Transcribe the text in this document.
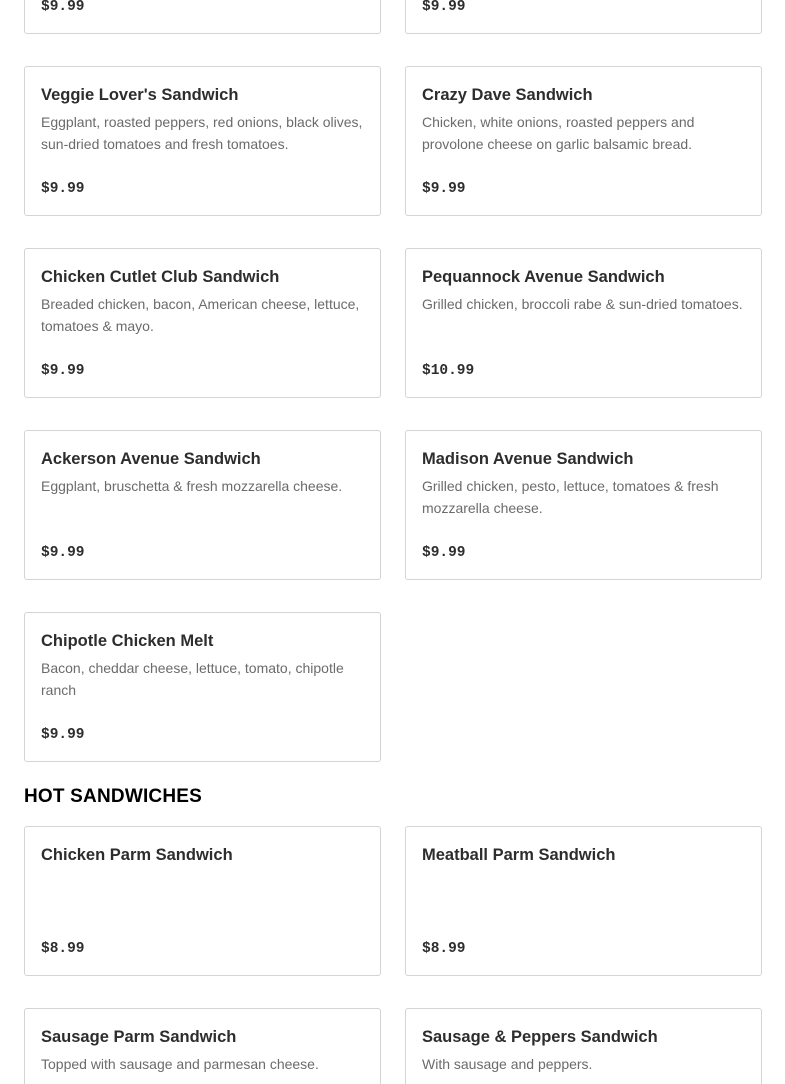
$9.99	$9.99
Veggie Lover's Sandwich
Eggplant, roasted peppers, red onions, black olives, sun-dried tomatoes and fresh tomatoes.
$9.99
Crazy Dave Sandwich
Chicken, white onions, roasted peppers and provolone cheese on garlic balsamic bread.
$9.99
Chicken Cutlet Club Sandwich
Breaded chicken, bacon, American cheese, lettuce, tomatoes & mayo.
$9.99
Pequannock Avenue Sandwich
Grilled chicken, broccoli rabe & sun-dried tomatoes.
$10.99
Ackerson Avenue Sandwich
Eggplant, bruschetta & fresh mozzarella cheese.
$9.99
Madison Avenue Sandwich
Grilled chicken, pesto, lettuce, tomatoes & fresh mozzarella cheese.
$9.99
Chipotle Chicken Melt
Bacon, cheddar cheese, lettuce, tomato, chipotle ranch
$9.99
HOT SANDWICHES
Chicken Parm Sandwich
$8.99
Meatball Parm Sandwich
$8.99
Sausage Parm Sandwich
Topped with sausage and parmesan cheese.
Sausage & Peppers Sandwich
With sausage and peppers.
